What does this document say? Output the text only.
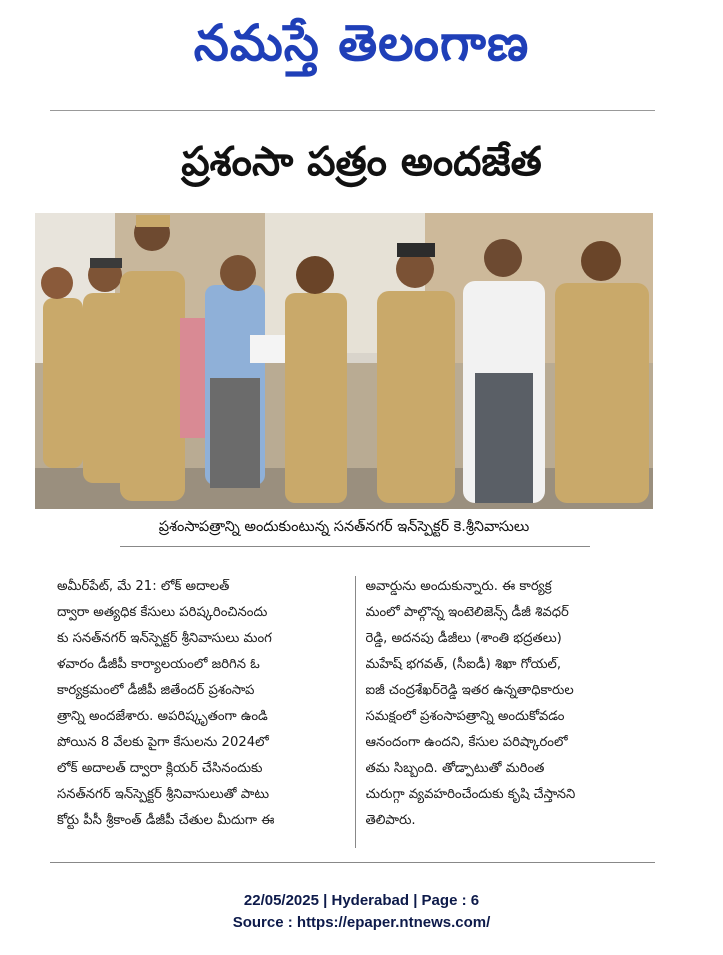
నమస్తే తెలంగాణ
ప్రశంసా పత్రం అందజేత
ప్రశంసాపత్రాన్ని అందుకుంటున్న సనత్‌నగర్‌ ఇన్‌స్పెక్టర్‌ కె.శ్రీనివాసులు
అమీర్‌పేట్‌, మే 21: లోక్‌ అదాలత్‌
ద్వారా అత్యధిక కేసులు పరిష్కరించినందు
కు సనత్‌నగర్‌ ఇన్‌స్పెక్టర్‌ శ్రీనివాసులు మంగ
ళవారం డీజీపీ కార్యాలయంలో జరిగిన ఓ
కార్యక్రమంలో డీజీపీ జితేందర్‌ ప్రశంసాప
త్రాన్ని అందజేశారు. అపరిష్కృతంగా ఉండి
పోయిన 8 వేలకు పైగా కేసులను 2024లో
లోక్‌ అదాలత్‌ ద్వారా క్లియర్‌ చేసినందుకు
సనత్‌నగర్‌ ఇన్‌స్పెక్టర్‌ శ్రీనివాసులుతో పాటు
కోర్టు పీసీ శ్రీకాంత్‌ డీజీపీ చేతుల మీదుగా ఈ
అవార్డును అందుకున్నారు. ఈ కార్యక్ర
మంలో పాల్గొన్న ఇంటెలిజెన్స్‌ డీజీ శివధర్‌
రెడ్డి, అదనపు డీజీలు (శాంతి భద్రతలు)
మహేష్‌ భగవత్‌, (సీఐడీ) శిఖా గోయల్‌,
ఐజీ చంద్రశేఖర్‌రెడ్డి ఇతర ఉన్నతాధికారుల
సమక్షంలో ప్రశంసాపత్రాన్ని అందుకోవడం
ఆనందంగా ఉందని, కేసుల పరిష్కారంలో
తమ సిబ్బంది. తోడ్పాటుతో మరింత
చురుగ్గా వ్యవహరించేందుకు కృషి చేస్తానని
తెలిపారు.
22/05/2025 | Hyderabad | Page : 6
Source : https://epaper.ntnews.com/
